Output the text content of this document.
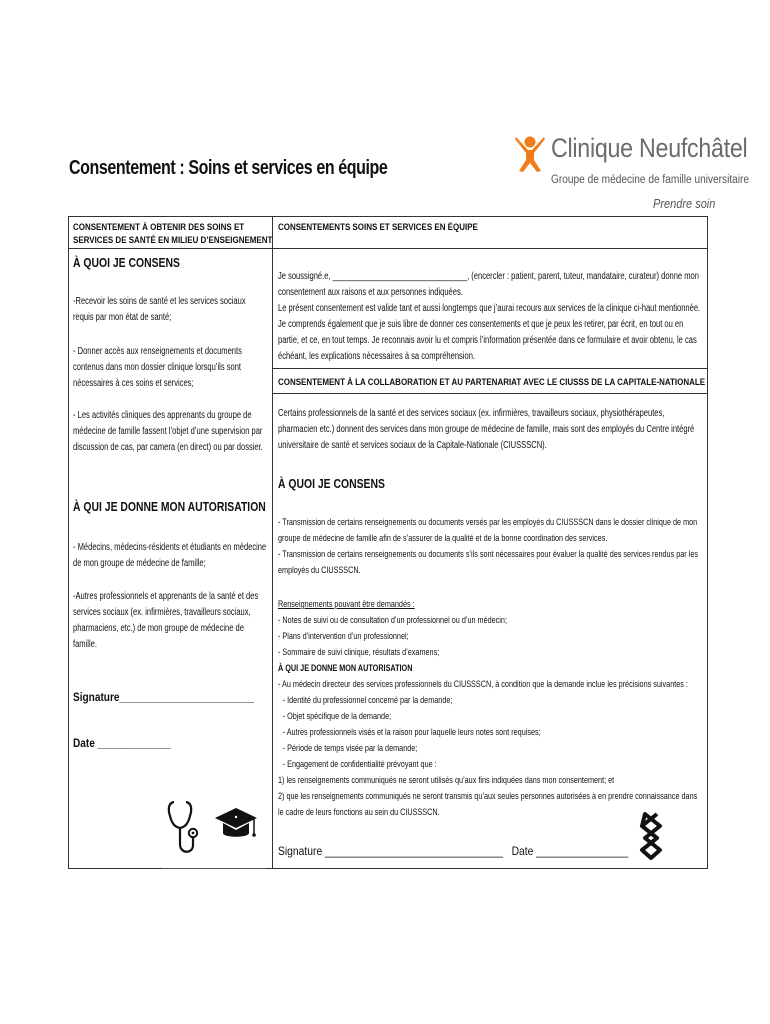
Consentement : Soins et services en équipe
Clinique Neufchâtel
Groupe de médecine de famille universitaire
Prendre soin
CONSENTEMENT À OBTENIR DES SOINS ET SERVICES DE SANTÉ EN MILIEU D’ENSEIGNEMENT
À QUOI JE CONSENS
-Recevoir les soins de santé et les services sociaux requis par mon état de santé;
- Donner accès aux renseignements et documents contenus dans mon dossier clinique lorsqu’ils sont nécessaires à ces soins et services;
- Les activités cliniques des apprenants du groupe de médecine de famille fassent l’objet d’une supervision par discussion de cas, par camera (en direct) ou par dossier.
À QUI JE DONNE MON AUTORISATION
- Médecins, médecins-résidents et étudiants en médecine de mon groupe de médecine de famille;
-Autres professionnels et apprenants de la santé et des services sociaux (ex. infirmières, travailleurs sociaux, pharmaciens, etc.) de mon groupe de médecine de famille.
Signature________________________
Date _____________
CONSENTEMENTS SOINS ET SERVICES EN ÉQUIPE

Je soussigné.e, ________________________________, (encercler : patient, parent, tuteur, mandataire, curateur) donne mon consentement aux raisons et aux personnes indiquées.

Le présent consentement est valide tant et aussi longtemps que j’aurai recours aux services de la clinique ci-haut mentionnée. Je comprends également que je suis libre de donner ces consentements et que je peux les retirer, par écrit, en tout ou en partie, et ce, en tout temps. Je reconnais avoir lu et compris l’information présentée dans ce formulaire et avoir obtenu, le cas échéant, les explications nécessaires à sa compréhension.

CONSENTEMENT À LA COLLABORATION ET AU PARTENARIAT AVEC LE CIUSSS DE LA CAPITALE-NATIONALE
Certains professionnels de la santé et des services sociaux (ex. infirmières, travailleurs sociaux, physiothérapeutes, pharmacien etc.) donnent des services dans mon groupe de médecine de famille, mais sont des employés du Centre intégré universitaire de santé et services sociaux de la Capitale-Nationale (CIUSSSCN).
À QUOI JE CONSENS

- Transmission de certains renseignements ou documents versés par les employés du CIUSSSCN dans le dossier clinique de mon groupe de médecine de famille afin de s’assurer de la qualité et de la bonne coordination des services.

- Transmission de certains renseignements ou documents s’ils sont nécessaires pour évaluer la qualité des services rendus par les employés du CIUSSSCN.

Renseignements pouvant être demandés :

- Notes de suivi ou de consultation d’un professionnel ou d’un médecin;

- Plans d’intervention d’un professionnel;

- Sommaire de suivi clinique, résultats d’examens;

À QUI JE DONNE MON AUTORISATION

- Au médecin directeur des services professionnels du CIUSSSCN, à condition que la demande inclue les précisions suivantes :

- Identité du professionnel concerné par la demande;

- Objet spécifique de la demande;

- Autres professionnels visés et la raison pour laquelle leurs notes sont requises;

- Période de temps visée par la demande;

- Engagement de confidentialité prévoyant que :

1) les renseignements communiqués ne seront utilisés qu’aux fins indiquées dans mon consentement; et

2) que les renseignements communiqués ne seront transmis qu’aux seules personnes autorisées à en prendre connaissance dans le cadre de leurs fonctions au sein du CIUSSSCN.

Signature _______________________________ Date ________________
